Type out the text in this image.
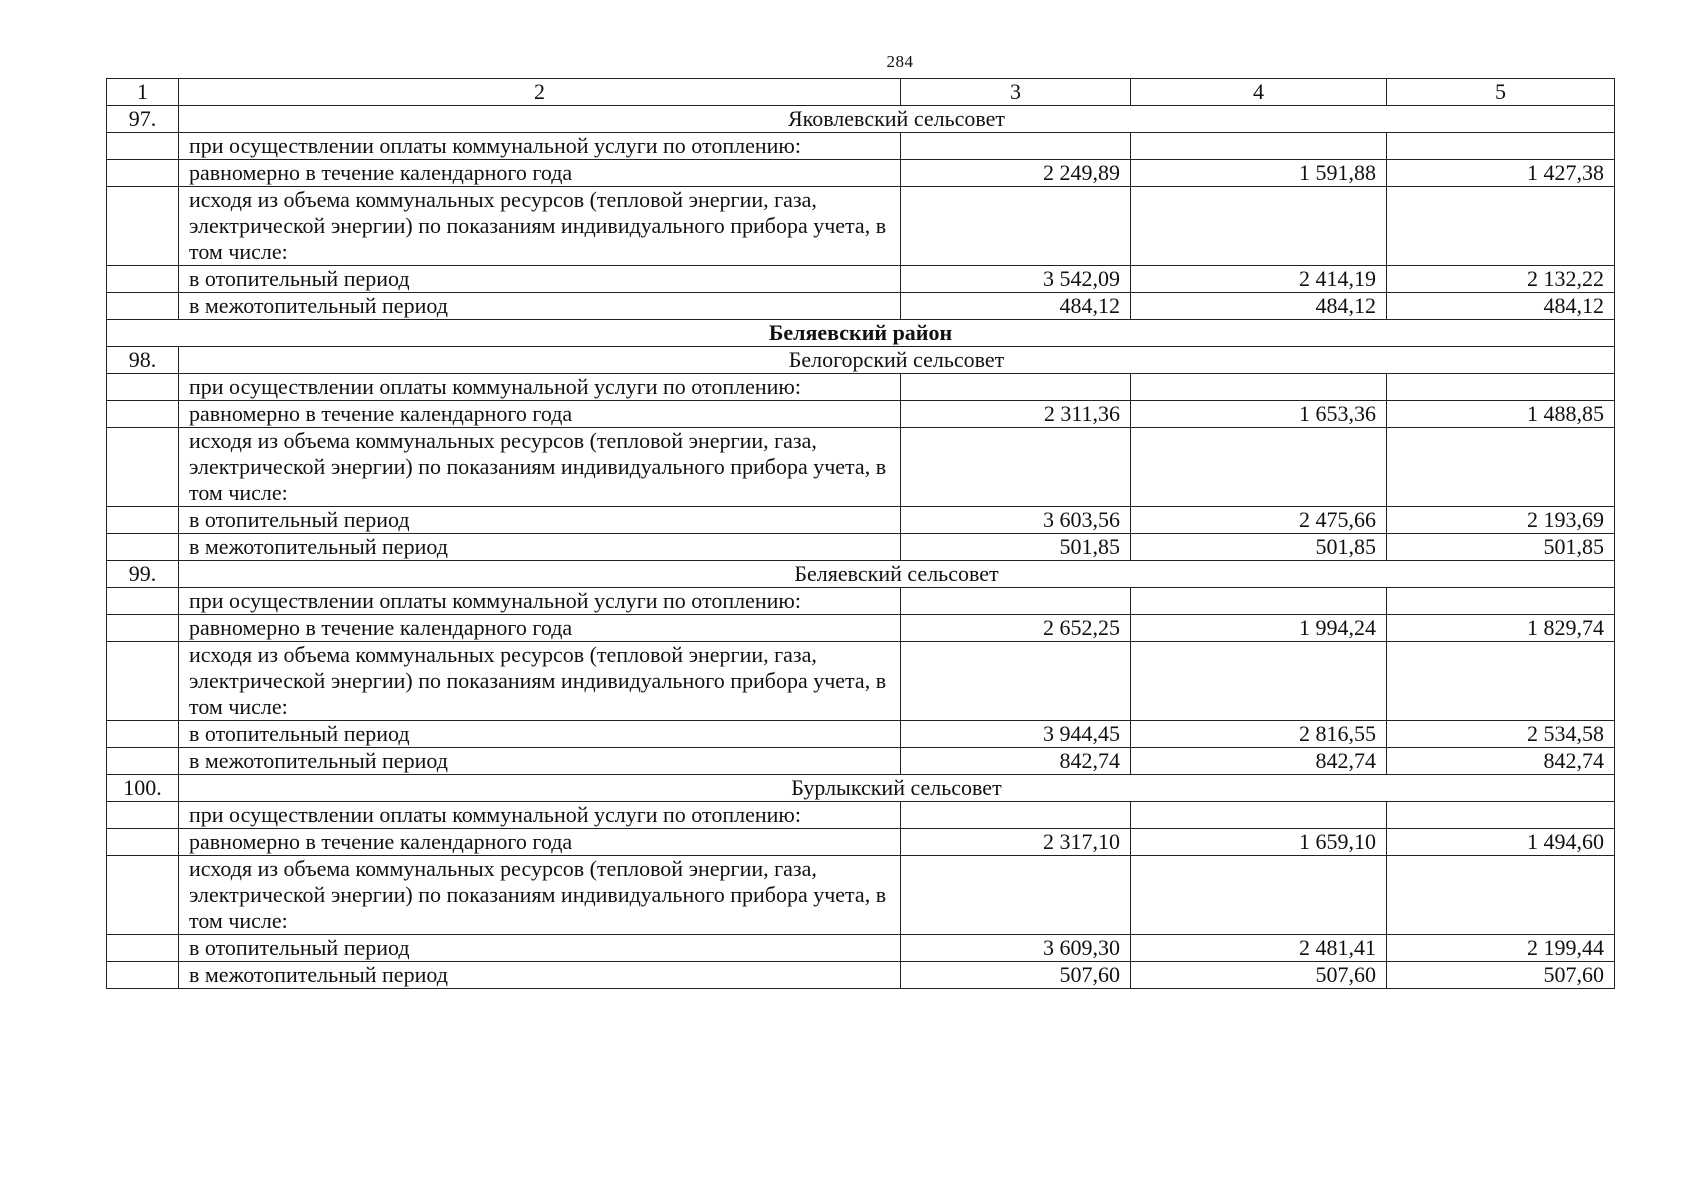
284
1	2	3	4	5
97.	Яковлевский сельсовет			
	при осуществлении оплаты коммунальной услуги по отоплению:			
	равномерно в течение календарного года	2 249,89	1 591,88	1 427,38
	исходя из объема коммунальных ресурсов (тепловой энергии, газа, электрической энергии) по показаниям индивидуального прибора учета, в том числе:			
	в отопительный период	3 542,09	2 414,19	2 132,22
	в межотопительный период	484,12	484,12	484,12
Беляевский район				
98.	Белогорский сельсовет			
	при осуществлении оплаты коммунальной услуги по отоплению:			
	равномерно в течение календарного года	2 311,36	1 653,36	1 488,85
	исходя из объема коммунальных ресурсов (тепловой энергии, газа, электрической энергии) по показаниям индивидуального прибора учета, в том числе:			
	в отопительный период	3 603,56	2 475,66	2 193,69
	в межотопительный период	501,85	501,85	501,85
99.	Беляевский сельсовет			
	при осуществлении оплаты коммунальной услуги по отоплению:			
	равномерно в течение календарного года	2 652,25	1 994,24	1 829,74
	исходя из объема коммунальных ресурсов (тепловой энергии, газа, электрической энергии) по показаниям индивидуального прибора учета, в том числе:			
	в отопительный период	3 944,45	2 816,55	2 534,58
	в межотопительный период	842,74	842,74	842,74
100.	Бурлыкский сельсовет			
	при осуществлении оплаты коммунальной услуги по отоплению:			
	равномерно в течение календарного года	2 317,10	1 659,10	1 494,60
	исходя из объема коммунальных ресурсов (тепловой энергии, газа, электрической энергии) по показаниям индивидуального прибора учета, в том числе:			
	в отопительный период	3 609,30	2 481,41	2 199,44
	в межотопительный период	507,60	507,60	507,60
